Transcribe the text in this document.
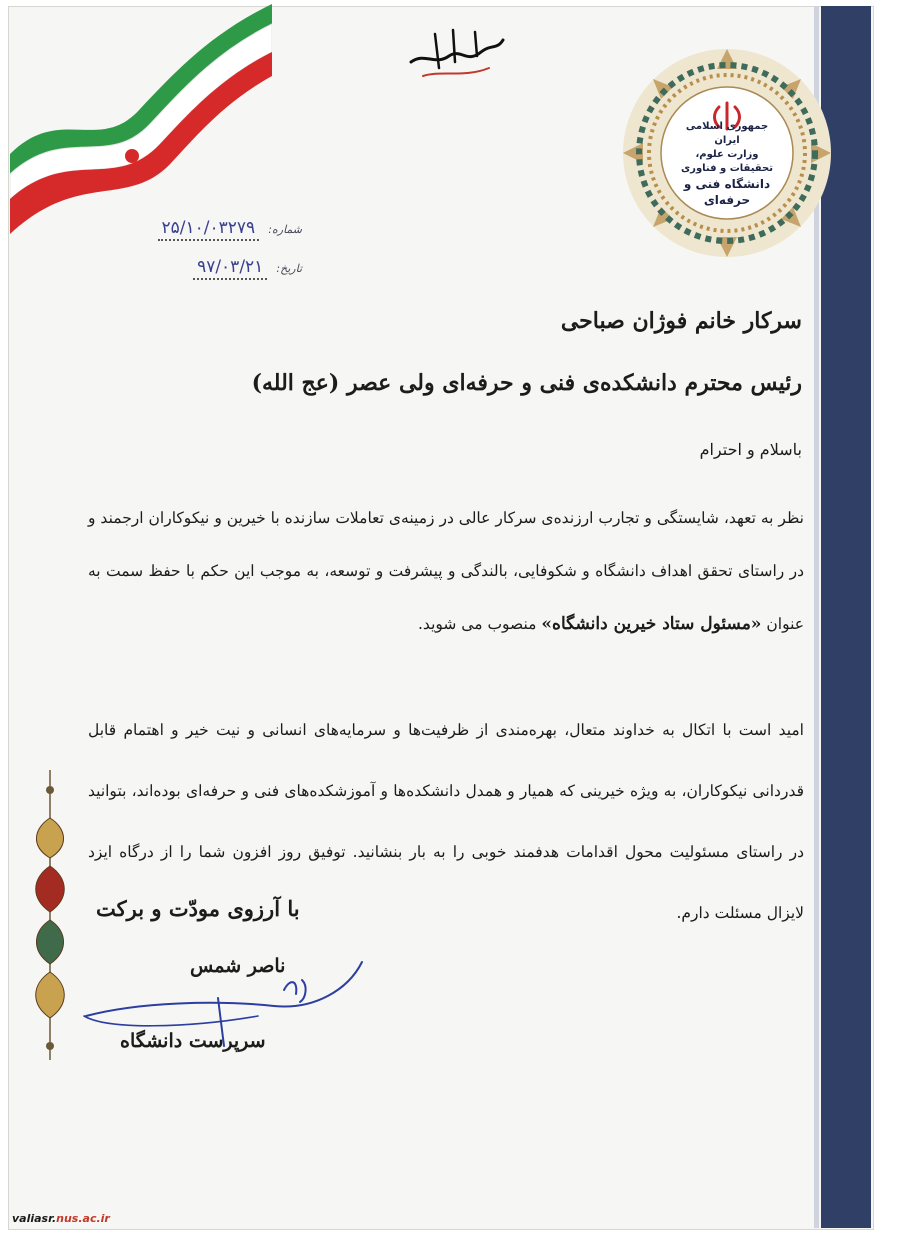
جمهوری اسلامی ایران
وزارت علوم، تحقیقات و فناوری
دانشگاه فنی و حرفه‌ای
شماره: ۲۵/۱۰/۰۳۲۷۹
تاریخ: ۹۷/۰۳/۲۱
سرکار خانم فوژان صباحی
رئیس محترم دانشکده‌ی فنی و حرفه‌ای ولی عصر (عج الله)
باسلام و احترام
نظر به تعهد، شایستگی و تجارب ارزنده‌ی سرکار عالی در زمینه‌ی تعاملات سازنده با خیرین و نیکوکاران ارجمند و در راستای تحقق اهداف دانشگاه و شکوفایی، بالندگی و پیشرفت و توسعه، به موجب این حکم با حفظ سمت به عنوان «مسئول ستاد خیرین دانشگاه» منصوب می شوید.
امید است با اتکال به خداوند متعال، بهره‌مندی از ظرفیت‌ها و سرمایه‌های انسانی و نیت خیر و اهتمام قابل قدردانی نیکوکاران، به ویژه خیرینی که همیار و همدل دانشکده‌ها و آموزشکده‌های فنی و حرفه‌ای بوده‌اند، بتوانید در راستای مسئولیت محول اقدامات هدفمند خوبی را به بار بنشانید. توفیق روز افزون شما را از درگاه ایزد لایزال مسئلت دارم.
با آرزوی مودّت و برکت
ناصر شمس
سرپرست دانشگاه
valiasr.nus.ac.ir
